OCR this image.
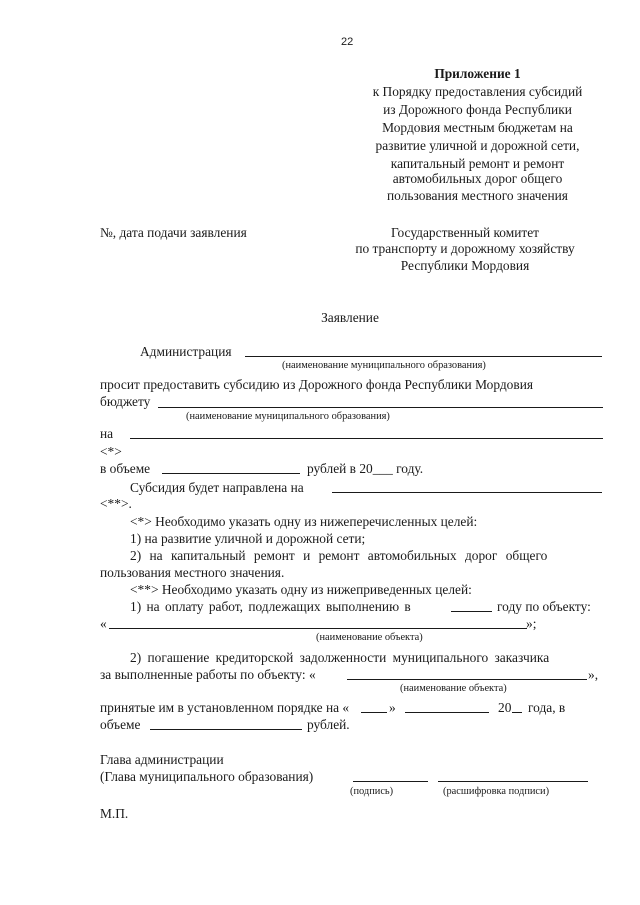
22
Приложение 1
к Порядку предоставления субсидий
из Дорожного фонда Республики
Мордовия местным бюджетам на
развитие уличной и дорожной сети,
капитальный ремонт и ремонт
автомобильных дорог общего
пользования местного значения
№, дата подачи заявления	Государственный комитет
по транспорту и дорожному хозяйству
Республики Мордовия
Заявление
Администрация
(наименование муниципального образования)
просит предоставить субсидию из Дорожного фонда Республики Мордовия
бюджету
(наименование муниципального образования)
на
<*>
в объеме	рублей в 20___ году.
Субсидия будет направлена на
<**>.
<*> Необходимо указать одну из нижеперечисленных целей:
1) на развитие уличной и дорожной сети;
2) на капитальный ремонт и ремонт автомобильных дорог общего
пользования местного значения.
<**> Необходимо указать одну из нижеприведенных целей:
1) на оплату работ, подлежащих выполнению в	году по объекту:
«	»;
(наименование объекта)
2) погашение кредиторской задолженности муниципального заказчика
за выполненные работы по объекту: «	»,
(наименование объекта)
принятые им в установленном порядке на «	»	20 года, в
объеме	рублей.
Глава администрации
(Глава муниципального образования)
(подпись)	(расшифровка подписи)
М.П.
